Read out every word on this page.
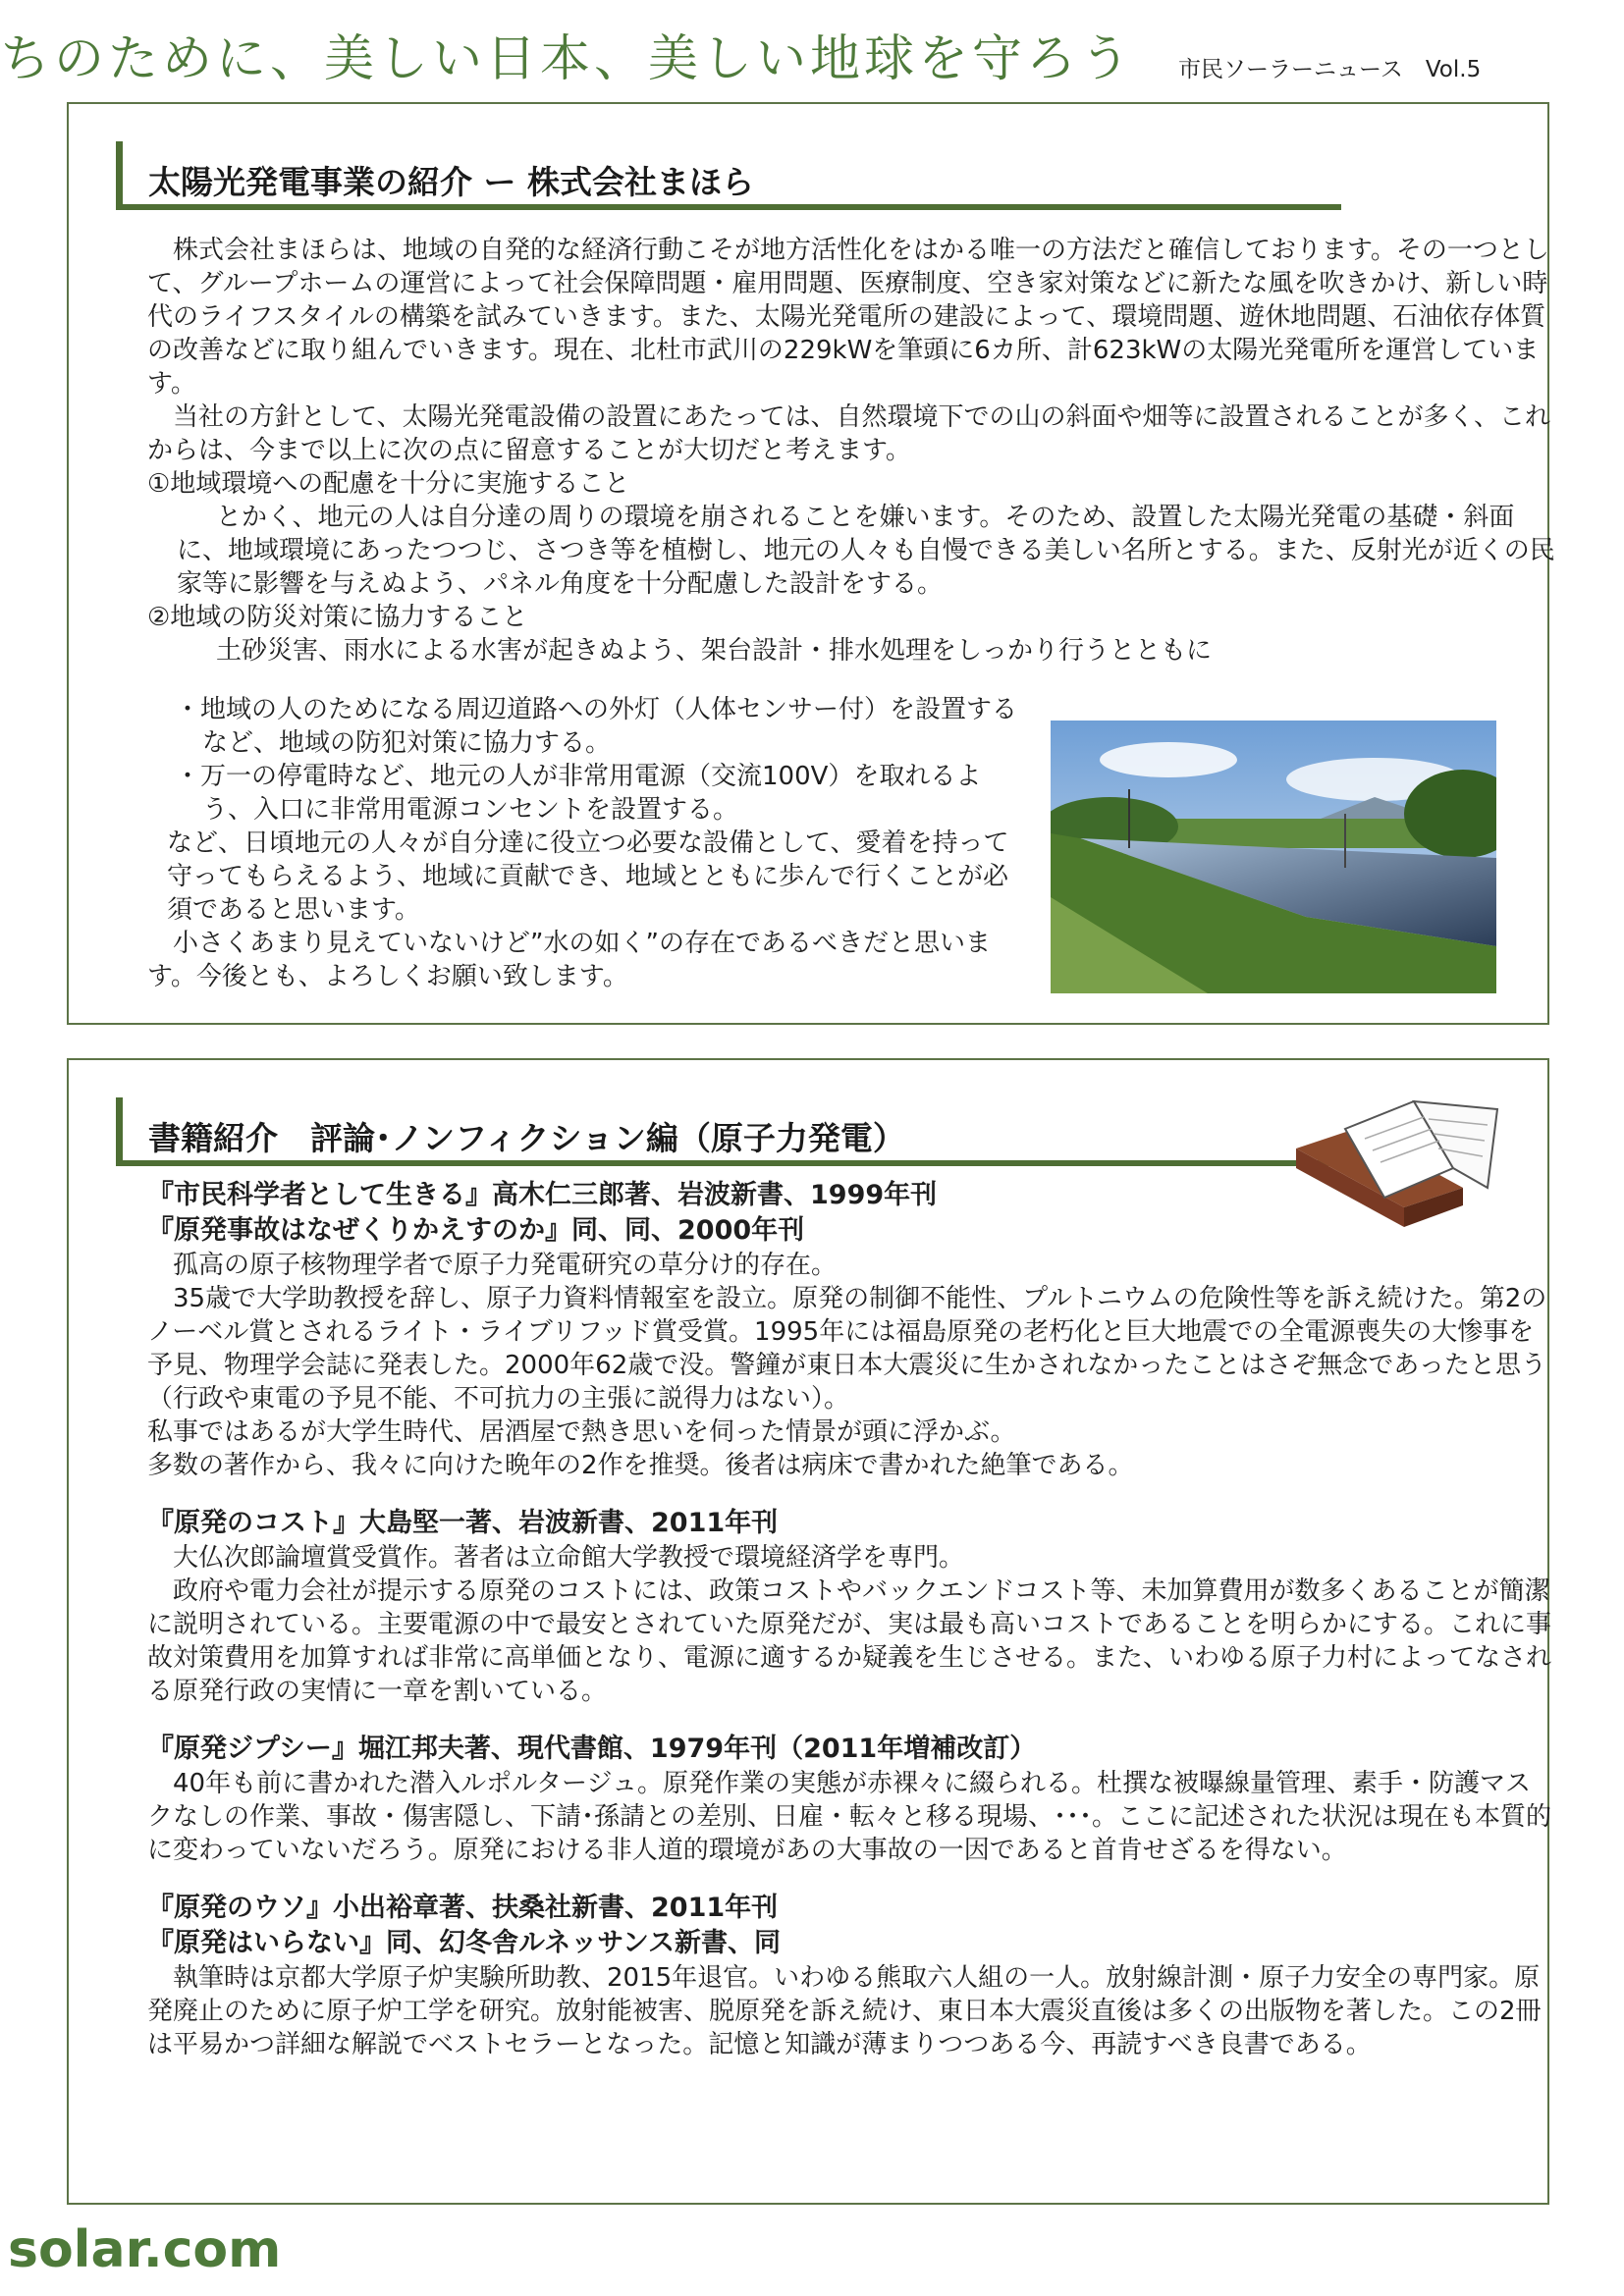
ちのために、美しい日本、美しい地球を守ろう 市民ソーラーニュース　Vol.5
太陽光発電事業の紹介 ー 株式会社まほら

株式会社まほらは、地域の自発的な経済行動こそが地方活性化をはかる唯一の方法だと確信しております。その一つとして、グループホームの運営によって社会保障問題・雇用問題、医療制度、空き家対策などに新たな風を吹きかけ、新しい時代のライフスタイルの構築を試みていきます。また、太陽光発電所の建設によって、環境問題、遊休地問題、石油依存体質の改善などに取り組んでいきます。現在、北杜市武川の229kWを筆頭に6カ所、計623kWの太陽光発電所を運営しています。

当社の方針として、太陽光発電設備の設置にあたっては、自然環境下での山の斜面や畑等に設置されることが多く、これからは、今まで以上に次の点に留意することが大切だと考えます。

①地域環境への配慮を十分に実施すること

とかく、地元の人は自分達の周りの環境を崩されることを嫌います。そのため、設置した太陽光発電の基礎・斜面に、地域環境にあったつつじ、さつき等を植樹し、地元の人々も自慢できる美しい名所とする。また、反射光が近くの民家等に影響を与えぬよう、パネル角度を十分配慮した設計をする。

②地域の防災対策に協力すること

土砂災害、雨水による水害が起きぬよう、架台設計・排水処理をしっかり行うとともに

・地域の人のためになる周辺道路への外灯（人体センサー付）を設置するなど、地域の防犯対策に協力する。

・万一の停電時など、地元の人が非常用電源（交流100V）を取れるよう、入口に非常用電源コンセントを設置する。

など、日頃地元の人々が自分達に役立つ必要な設備として、愛着を持って守ってもらえるよう、地域に貢献でき、地域とともに歩んで行くことが必須であると思います。

小さくあまり見えていないけど”水の如く”の存在であるべきだと思います。今後とも、よろしくお願い致します。

書籍紹介　評論･ノンフィクション編（原子力発電）

『市民科学者として生きる』高木仁三郎著、岩波新書、1999年刊

『原発事故はなぜくりかえすのか』同、同、2000年刊

孤高の原子核物理学者で原子力発電研究の草分け的存在。

35歳で大学助教授を辞し、原子力資料情報室を設立。原発の制御不能性、プルトニウムの危険性等を訴え続けた。第2のノーベル賞とされるライト・ライブリフッド賞受賞。1995年には福島原発の老朽化と巨大地震での全電源喪失の大惨事を予見、物理学会誌に発表した。2000年62歳で没。警鐘が東日本大震災に生かされなかったことはさぞ無念であったと思う（行政や東電の予見不能、不可抗力の主張に説得力はない）。

私事ではあるが大学生時代、居酒屋で熱き思いを伺った情景が頭に浮かぶ。

多数の著作から、我々に向けた晩年の2作を推奨。後者は病床で書かれた絶筆である。

『原発のコスト』大島堅一著、岩波新書、2011年刊

大仏次郎論壇賞受賞作。著者は立命館大学教授で環境経済学を専門。

政府や電力会社が提示する原発のコストには、政策コストやバックエンドコスト等、未加算費用が数多くあることが簡潔に説明されている。主要電源の中で最安とされていた原発だが、実は最も高いコストであることを明らかにする。これに事故対策費用を加算すれば非常に高単価となり、電源に適するか疑義を生じさせる。また、いわゆる原子力村によってなされる原発行政の実情に一章を割いている。

『原発ジプシー』堀江邦夫著、現代書館、1979年刊（2011年増補改訂）

40年も前に書かれた潜入ルポルタージュ。原発作業の実態が赤裸々に綴られる。杜撰な被曝線量管理、素手・防護マスクなしの作業、事故・傷害隠し、下請･孫請との差別、日雇・転々と移る現場、･･･。ここに記述された状況は現在も本質的に変わっていないだろう。原発における非人道的環境があの大事故の一因であると首肯せざるを得ない。

『原発のウソ』小出裕章著、扶桑社新書、2011年刊

『原発はいらない』同、幻冬舎ルネッサンス新書、同

執筆時は京都大学原子炉実験所助教、2015年退官。いわゆる熊取六人組の一人。放射線計測・原子力安全の専門家。原発廃止のために原子炉工学を研究。放射能被害、脱原発を訴え続け、東日本大震災直後は多くの出版物を著した。この2冊は平易かつ詳細な解説でベストセラーとなった。記憶と知識が薄まりつつある今、再読すべき良書である。

solar.com
